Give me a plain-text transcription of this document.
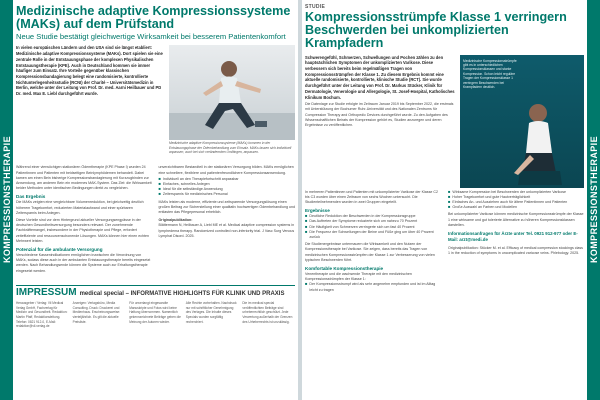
KOMPRESSIONSTHERAPIE
Medizinische adaptive Kompressionssysteme (MAKs) auf dem Prüfstand
Neue Studie bestätigt gleichwertige Wirksamkeit bei besserem Patientenkomfort
In vielen europäischen Ländern und den USA sind sie längst etabliert: Medizinische adaptive Kompressionssysteme (MAKs). Dort spielen sie eine zentrale Rolle in der Entstauungsphase der komplexen Physikalischen Entstauungstherapie (KPE). Auch in Deutschland kommen sie immer häufiger zum Einsatz. Ihre Vorteile gegenüber klassischen Kompressionsbandagierung belegt eine randomisierte, kontrollierte Nichtunterlegenheitsstudie (RCNI) der Charité – Universitätsmedizin in Berlin, welche unter der Leitung von Prof. Dr. med. Aarni Heilbauer und PD Dr. med. Max E. Liebl durchgeführt wurde.
Medizinische adaptive Kompressionssysteme (MAKs) kommen in der Entstauungsphase der Ödembehandlung zum Einsatz. MAKs lassen sich individuell anpassen, auch bei sich verändernden Umfängen, anpassen.
Während einer vierwöchigen stationären Ödemtherapie (KPE Phase I) wurden 24 Patientinnen und Patienten mit beidseitigen Beinlymphödemen behandelt. Dabei kamen am einen Bein bisherige Kompressionsbandagierung mit Kurzzugbinden zur Anwendung, am anderen Bein ein modernes MAK-System. Das Ziel: die Wirksamkeit beider Methoden unter identischen Bedingungen direkt zu vergleichen.
Das Ergebnis
Die MAKs zeigten eine vergleichbare Volumenreduktion, bei gleichzeitig deutlich höherem Tragekomfort, reduzierten Materialaufwand und einer spürbaren Zeitersparnis beim Anlegen.
Diese Vorteile sind vor dem Hintergrund aktueller Versorgungsengpässe in der deutschen Gesundheitsversorgung besonders relevant. Der zunehmende Fachkräftemangel, insbesondere in der Physiotherapie und Pflege, erfordert zeiteffiziente und ressourcenschonende Lösungen. MAKs können hier einen echten Mehrwert leisten.
Potenzial für die ambulante Versorgung
Verschiedene Kassenindikationen ermöglichen inzwischen die Verordnung von MAKs, sodass diese auch in der ambulanten Entstauungstherapie bereits eingesetzt werden. Nach Behandlungsende können die Systeme auch zur Erhaltungstherapie eingesetzt werden.
unverzichtbaren Bestandteil in der stationären Versorgung bilden. MAKs ermöglichen eine schnellere, flexiblere und patientenfreundlichere Kompressionsanwendung.
■ Individuell an den Therapiefortschritt anpassbar
■ Einfaches, schnelles Anlegen
■ Ideal für die selbständige Anwendung
■ Zeitersparnis für medizinisches Personal
MAKs leisten als moderne, effiziente und zeitsparende Versorgungslösung einen großen Beitrag zur Sicherstellung einer qualitativ hochwertigen Ödembehandlung und entlasten das Pflegepersonal erheblich.
Originalpublikation:
Blättermann N, Heilbauer A, Liebl ME et al. Medical adaptive compression systems in lymphedema therapy. Randomized controlled non-inferiority trial. J Vasc Surg Venous Lymphat Disord. 2025.
IMPRESSUM medical special – INFORMATIVE HIGHLIGHTS FÜR KLINIK UND PRAXIS
Herausgeber / Verlag: Vil Medical Verlag GmbH, Fachverlag für Medizin und Gesundheit. Redaktion: Martin Pfaff, Redaktionsleitung. Telefon: 0821 912-0, E-Mail: redaktion@vil-verlag.de
Anzeigen: Verlagsbüro, Media Consulting. Druck: Druckerei und Medienhaus. Erscheinungsweise: vierteljährlich. Es gilt die aktuelle Preisliste.
Für unverlangt eingesandte Manuskripte und Fotos wird keine Haftung übernommen. Namentlich gekennzeichnete Beiträge geben die Meinung der Autoren wieder.
Alle Rechte vorbehalten. Nachdruck nur mit schriftlicher Genehmigung des Verlages. Die Inhalte dieses Specials wurden sorgfältig recherchiert.
Die im medical special veröffentlichten Beiträge sind urheberrechtlich geschützt. Jede Verwertung außerhalb der Grenzen des Urheberrechts ist unzulässig.
KOMPRESSIONSTHERAPIE
STUDIE
Kompressionsstrümpfe Klasse 1 verringern Beschwerden bei unkomplizierten Krampfadern
Schwerengefühl, Schmerzen, Schwellungen und Pochen zählen zu den hauptsächlichen Symptomen der unkomplizierten Varikose. Diese verbessern sich bereits beim regelmäßigen Tragen von Kompressionsstrümpfen der Klasse 1. Zu diesem Ergebnis kommt eine aktuelle randomisierte, kontrollierte, klinische Studie (RCT). Sie wurde durchgeführt unter der Leitung von Prof. Dr. Markus Stücker, Klinik für Dermatologie, Venerologie und Allergologie, St. Josef-Hospital, Katholisches Klinikum Bochum.
Die Datenlage zur Studie erfolgte im Zeitraum Januar 2019 bis September 2022, die erstmals mit Unterstützung der Bochumer Ruhr-Universität und des Nationalen Zentrums für Compression Therapy and Orthopedic Devices durchgeführt wurde. Zu den Aufgaben des Wissenschaftlichen Beirats der Kompression gehört es, Studien anzuregen und deren Ergebnisse zu veröffentlichen.
Medizinische Kompressionsstrümpfe gibt es in unterschiedlichen Kompressionsklassen und starke Kompression. Schon leicht reguläre Tragen der Kompressionsklasse 1 verringern Beschwerden bei Krampfadern deutlich.
In mehreren Patientinnen und Patienten mit unkomplizierter Varikose der Klasse C2 bis C3 wurden über einen Zeitraum von sechs Wochen untersucht. Die Studienteilnehmenden wurden in zwei Gruppen eingeteilt.
Ergebnisse
■ Deutliche Reduktion der Beschwerden in der Kompressionsgruppe
■ Das Auftreten der Symptome reduzierte sich um nahezu 70 Prozent
■ Die Häufigkeit von Schmerzen verringerte sich um fast 40 Prozent
■ Die Frequenz der Schwellungen der Beine und Füße ging um über 40 Prozent zurück
Die Studienergebnisse untermauern die Wirksamkeit und den Nutzen der Kompressionstherapie bei Varikose. Sie zeigen, dass bereits das Tragen von medizinischen Kompressionsstrümpfen der Klasse 1 zur Verbesserung von vielen typischen Beschwerden führt.
Komfortable Kompressionstherapie
Venentherapie und die wachsende Therapie mit den medizinischen Kompressionsstrümpfen der Klasse 1:
■ Der Kompressionsstrumpf wird als sehr angenehm empfunden und ist im Alltag leicht zu tragen
■ Wirksame Kompression bei Beschwerden der unkomplizierten Varikose
■ Hoher Tragekomfort und gute Hautverträglichkeit
■ Einfaches An- und Ausziehen auch für ältere Patientinnen und Patienten
■ Große Auswahl an Farben und Modellen
Bei unkomplizierter Varikose können medizinische Kompressionsstrümpfe der Klasse 1 eine wirksame und gut tolerierte Alternative zu höheren Kompressionsklassen darstellen.
Informationsanfragen für Ärzte unter Tel. 0921 912-977 oder E-Mail: arzt@medi.de
Originalpublikation: Stücker M. et al. Efficacy of medical compression stockings class 1 in the reduction of symptoms in uncomplicated varicose veins. Phlebology. 2025.
